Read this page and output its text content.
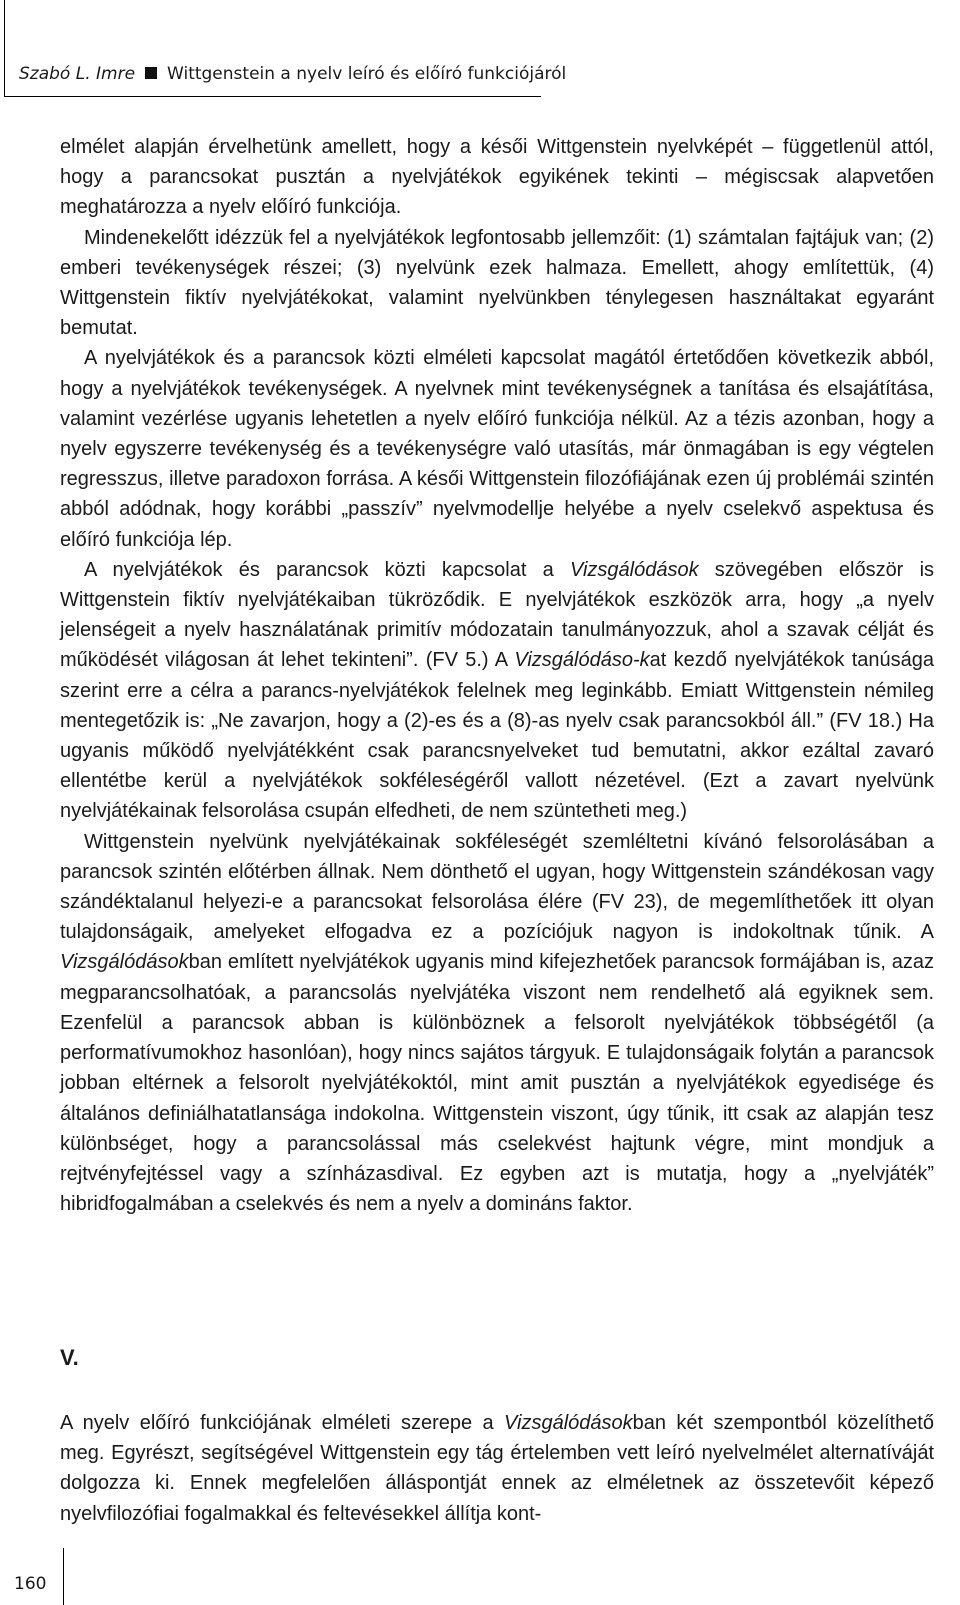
Szabó L. Imre Wittgenstein a nyelv leíró és előíró funkciójáról

elmélet alapján érvelhetünk amellett, hogy a késői Wittgenstein nyelvképét – függetlenül attól, hogy a parancsokat pusztán a nyelvjátékok egyikének tekinti – mégiscsak alapvetően meghatározza a nyelv előíró funkciója.

Mindenekelőtt idézzük fel a nyelvjátékok legfontosabb jellemzőit: (1) számtalan fajtájuk van; (2) emberi tevékenységek részei; (3) nyelvünk ezek halmaza. Emellett, ahogy említettük, (4) Wittgenstein fiktív nyelvjátékokat, valamint nyelvünkben ténylegesen használtakat egyaránt bemutat.

A nyelvjátékok és a parancsok közti elméleti kapcsolat magától értetődően következik abból, hogy a nyelvjátékok tevékenységek. A nyelvnek mint tevékenységnek a tanítása és elsajátítása, valamint vezérlése ugyanis lehetetlen a nyelv előíró funkciója nélkül. Az a tézis azonban, hogy a nyelv egyszerre tevékenység és a tevékenységre való utasítás, már önmagában is egy végtelen regresszus, illetve paradoxon forrása. A késői Wittgenstein filozófiájának ezen új problémái szintén abból adódnak, hogy korábbi „passzív” nyelvmodellje helyébe a nyelv cselekvő aspektusa és előíró funkciója lép.

A nyelvjátékok és parancsok közti kapcsolat a Vizsgálódások szövegében először is Wittgenstein fiktív nyelvjátékaiban tükröződik. E nyelvjátékok eszközök arra, hogy „a nyelv jelenségeit a nyelv használatának primitív módozatain tanulmányozzuk, ahol a szavak célját és működését világosan át lehet tekinteni”. (FV 5.) A Vizsgálódáso-kat kezdő nyelvjátékok tanúsága szerint erre a célra a parancs-nyelvjátékok felelnek meg leginkább. Emiatt Wittgenstein némileg mentegetőzik is: „Ne zavarjon, hogy a (2)-es és a (8)-as nyelv csak parancsokból áll.” (FV 18.) Ha ugyanis működő nyelvjátékként csak parancsnyelveket tud bemutatni, akkor ezáltal zavaró ellentétbe kerül a nyelvjátékok sokféleségéről vallott nézetével. (Ezt a zavart nyelvünk nyelvjátékainak felsorolása csupán elfedheti, de nem szüntetheti meg.)

Wittgenstein nyelvünk nyelvjátékainak sokféleségét szemléltetni kívánó felsorolásában a parancsok szintén előtérben állnak. Nem dönthető el ugyan, hogy Wittgenstein szándékosan vagy szándéktalanul helyezi-e a parancsokat felsorolása élére (FV 23), de megemlíthetőek itt olyan tulajdonságaik, amelyeket elfogadva ez a pozíciójuk nagyon is indokoltnak tűnik. A Vizsgálódásokban említett nyelvjátékok ugyanis mind kifejezhetőek parancsok formájában is, azaz megparancsolhatóak, a parancsolás nyelvjátéka viszont nem rendelhető alá egyiknek sem. Ezenfelül a parancsok abban is különböznek a felsorolt nyelvjátékok többségétől (a performatívumokhoz hasonlóan), hogy nincs sajátos tárgyuk. E tulajdonságaik folytán a parancsok jobban eltérnek a felsorolt nyelvjátékoktól, mint amit pusztán a nyelvjátékok egyedisége és általános definiálhatatlansága indokolna. Wittgenstein viszont, úgy tűnik, itt csak az alapján tesz különbséget, hogy a parancsolással más cselekvést hajtunk végre, mint mondjuk a rejtvényfejtéssel vagy a színházasdival. Ez egyben azt is mutatja, hogy a „nyelvjáték” hibridfogalmában a cselekvés és nem a nyelv a domináns faktor.

V.

A nyelv előíró funkciójának elméleti szerepe a Vizsgálódásokban két szempontból közelíthető meg. Egyrészt, segítségével Wittgenstein egy tág értelemben vett leíró nyelvelmélet alternatíváját dolgozza ki. Ennek megfelelően álláspontját ennek az elméletnek az összetevőit képező nyelvfilozófiai fogalmakkal és feltevésekkel állítja kont-

160
